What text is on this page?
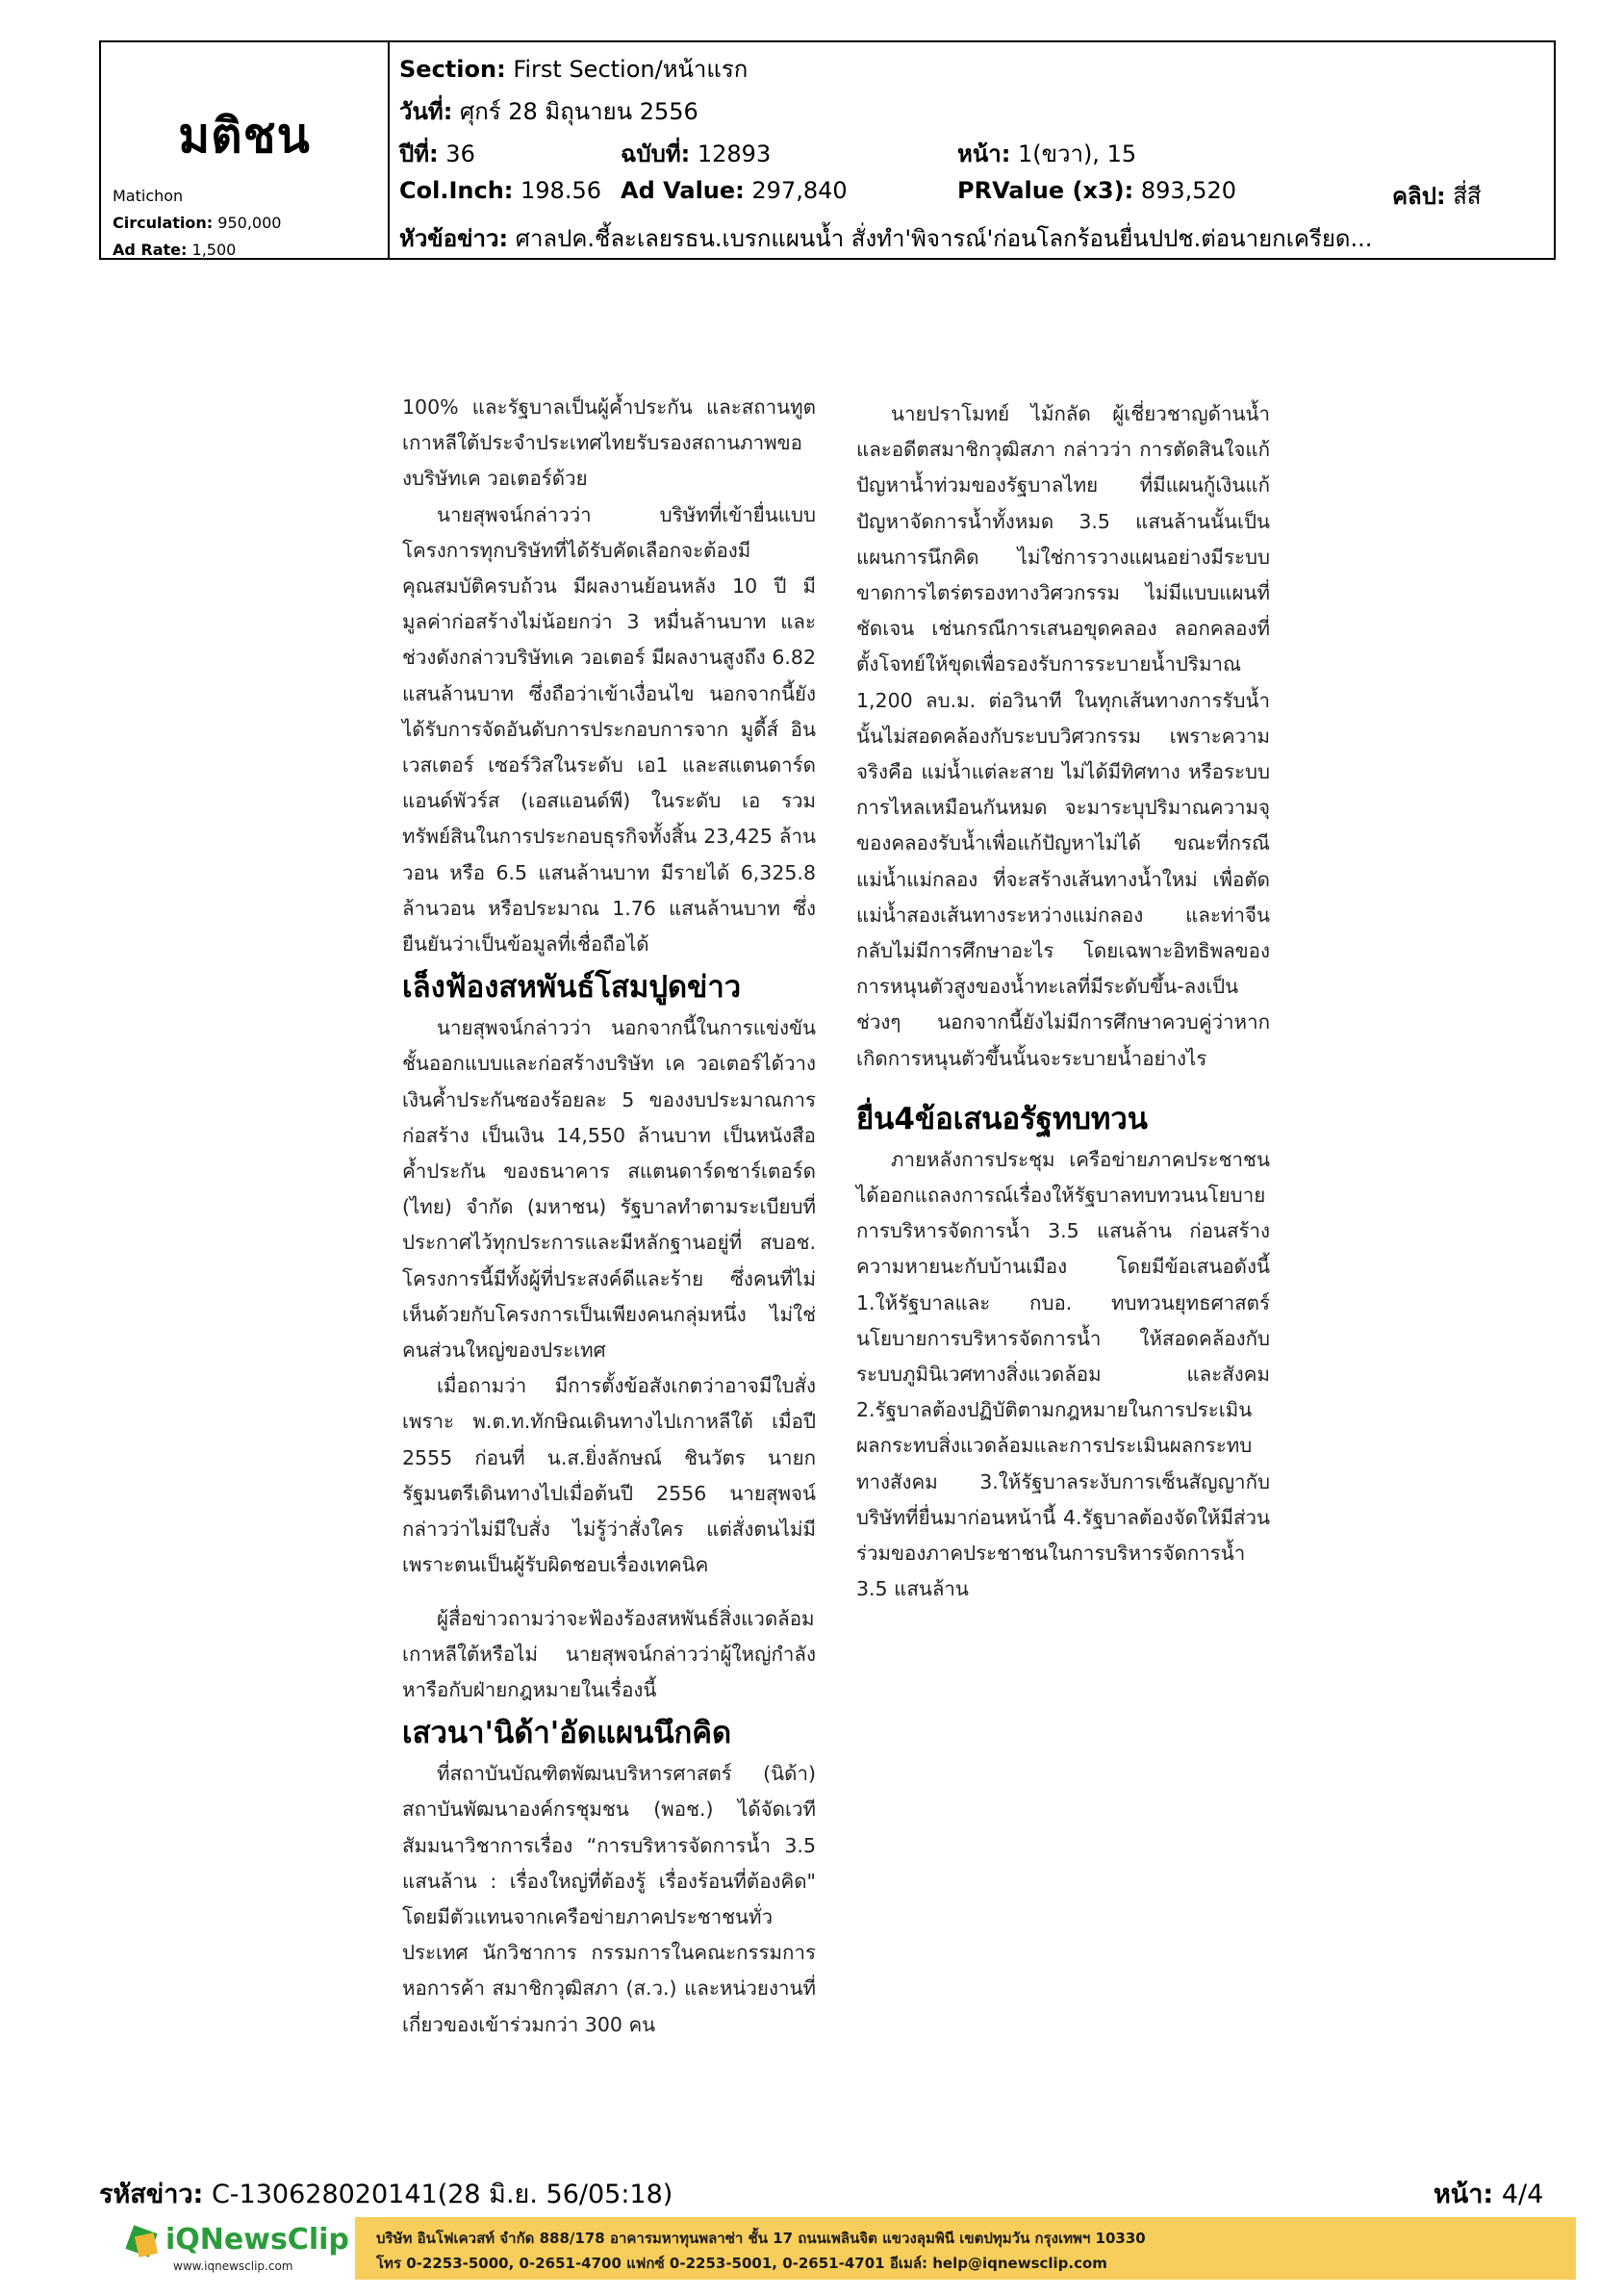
มติชน
Matichon
Circulation: 950,000
Ad Rate: 1,500
Section: First Section/หน้าแรก
วันที่: ศุกร์ 28 มิถุนายน 2556
ปีที่: 36	ฉบับที่: 12893	หน้า: 1(ขวา), 15
Col.Inch: 198.56 Ad Value: 297,840	PRValue (x3): 893,520	คลิป: สี่สี
หัวข้อข่าว: ศาลปค.ชี้ละเลยรธน.เบรกแผนน้ำ สั่งทำ'พิจารณ์'ก่อนโลกร้อนยื่นปปช.ต่อนายกเครียด...

100% และรัฐบาลเป็นผู้ค้ำประกัน และสถานทูตเกาหลีใต้ประจำประเทศไทยรับรองสถานภาพของบริษัทเค วอเตอร์ด้วย

นายสุพจน์กล่าวว่า บริษัทที่เข้ายื่นแบบโครงการทุกบริษัทที่ได้รับคัดเลือกจะต้องมีคุณสมบัติครบถ้วน มีผลงานย้อนหลัง 10 ปี มีมูลค่าก่อสร้างไม่น้อยกว่า 3 หมื่นล้านบาท และช่วงดังกล่าวบริษัทเค วอเตอร์ มีผลงานสูงถึง 6.82 แสนล้านบาท ซึ่งถือว่าเข้าเงื่อนไข นอกจากนี้ยังได้รับการจัดอันดับการประกอบการจาก มูดี้ส์ อินเวสเตอร์ เซอร์วิสในระดับ เอ1 และสแตนดาร์ด แอนด์พัวร์ส (เอสแอนด์พี) ในระดับ เอ รวมทรัพย์สินในการประกอบธุรกิจทั้งสิ้น 23,425 ล้านวอน หรือ 6.5 แสนล้านบาท มีรายได้ 6,325.8 ล้านวอน หรือประมาณ 1.76 แสนล้านบาท ซึ่งยืนยันว่าเป็นข้อมูลที่เชื่อถือได้

เล็งฟ้องสหพันธ์โสมปูดข่าว

นายสุพจน์กล่าวว่า นอกจากนี้ในการแข่งขันชั้นออกแบบและก่อสร้างบริษัท เค วอเตอร์ได้วางเงินค้ำประกันซองร้อยละ 5 ของงบประมาณการก่อสร้าง เป็นเงิน 14,550 ล้านบาท เป็นหนังสือค้ำประกัน ของธนาคาร สแตนดาร์ดชาร์เตอร์ด (ไทย) จำกัด (มหาชน) รัฐบาลทำตามระเบียบที่ประกาศไว้ทุกประการและมีหลักฐานอยู่ที่ สบอช. โครงการนี้มีทั้งผู้ที่ประสงค์ดีและร้าย ซึ่งคนที่ไม่เห็นด้วยกับโครงการเป็นเพียงคนกลุ่มหนึ่ง ไม่ใช่คนส่วนใหญ่ของประเทศ

เมื่อถามว่า มีการตั้งข้อสังเกตว่าอาจมีใบสั่งเพราะ พ.ต.ท.ทักษิณเดินทางไปเกาหลีใต้ เมื่อปี 2555 ก่อนที่ น.ส.ยิ่งลักษณ์ ชินวัตร นายกรัฐมนตรีเดินทางไปเมื่อต้นปี 2556 นายสุพจน์กล่าวว่าไม่มีใบสั่ง ไม่รู้ว่าสั่งใคร แต่สั่งตนไม่มี เพราะตนเป็นผู้รับผิดชอบเรื่องเทคนิค

ผู้สื่อข่าวถามว่าจะฟ้องร้องสหพันธ์สิ่งแวดล้อมเกาหลีใต้หรือไม่ นายสุพจน์กล่าวว่าผู้ใหญ่กำลังหารือกับฝ่ายกฎหมายในเรื่องนี้

เสวนา'นิด้า'อัดแผนนึกคิด

ที่สถาบันบัณฑิตพัฒนบริหารศาสตร์ (นิด้า) สถาบันพัฒนาองค์กรชุมชน (พอช.) ได้จัดเวทีสัมมนาวิชาการเรื่อง “การบริหารจัดการน้ำ 3.5 แสนล้าน : เรื่องใหญ่ที่ต้องรู้ เรื่องร้อนที่ต้องคิด" โดยมีตัวแทนจากเครือข่ายภาคประชาชนทั่วประเทศ นักวิชาการ กรรมการในคณะกรรมการหอการค้า สมาชิกวุฒิสภา (ส.ว.) และหน่วยงานที่เกี่ยวของเข้าร่วมกว่า 300 คน

นายปราโมทย์ ไม้กลัด ผู้เชี่ยวชาญด้านน้ำและอดีตสมาชิกวุฒิสภา กล่าวว่า การตัดสินใจแก้ปัญหาน้ำท่วมของรัฐบาลไทย ที่มีแผนกู้เงินแก้ปัญหาจัดการน้ำทั้งหมด 3.5 แสนล้านนั้นเป็นแผนการนึกคิด ไม่ใช่การวางแผนอย่างมีระบบ ขาดการไตร่ตรองทางวิศวกรรม ไม่มีแบบแผนที่ชัดเจน เช่นกรณีการเสนอขุดคลอง ลอกคลองที่ตั้งโจทย์ให้ขุดเพื่อรองรับการระบายน้ำปริมาณ 1,200 ลบ.ม. ต่อวินาที ในทุกเส้นทางการรับน้ำนั้นไม่สอดคล้องกับระบบวิศวกรรม เพราะความจริงคือ แม่น้ำแต่ละสาย ไม่ได้มีทิศทาง หรือระบบการไหลเหมือนกันหมด จะมาระบุปริมาณความจุของคลองรับน้ำเพื่อแก้ปัญหาไม่ได้ ขณะที่กรณีแม่น้ำแม่กลอง ที่จะสร้างเส้นทางน้ำใหม่ เพื่อตัดแม่น้ำสองเส้นทางระหว่างแม่กลอง และท่าจีน กลับไม่มีการศึกษาอะไร โดยเฉพาะอิทธิพลของการหนุนตัวสูงของน้ำทะเลที่มีระดับขึ้น-ลงเป็นช่วงๆ นอกจากนี้ยังไม่มีการศึกษาควบคู่ว่าหากเกิดการหนุนตัวขึ้นนั้นจะระบายน้ำอย่างไร

ยื่น4ข้อเสนอรัฐทบทวน

ภายหลังการประชุม เครือข่ายภาคประชาชนได้ออกแถลงการณ์เรื่องให้รัฐบาลทบทวนนโยบายการบริหารจัดการน้ำ 3.5 แสนล้าน ก่อนสร้างความหายนะกับบ้านเมือง โดยมีข้อเสนอดังนี้ 1.ให้รัฐบาลและ กบอ. ทบทวนยุทธศาสตร์นโยบายการบริหารจัดการน้ำ ให้สอดคล้องกับระบบภูมินิเวศทางสิ่งแวดล้อม และสังคม 2.รัฐบาลต้องปฏิบัติตามกฎหมายในการประเมินผลกระทบสิ่งแวดล้อมและการประเมินผลกระทบทางสังคม 3.ให้รัฐบาลระงับการเซ็นสัญญากับบริษัทที่ยื่นมาก่อนหน้านี้ 4.รัฐบาลต้องจัดให้มีส่วนร่วมของภาคประชาชนในการบริหารจัดการน้ำ 3.5 แสนล้าน

รหัสข่าว: C-130628020141(28 มิ.ย. 56/05:18)	หน้า: 4/4
iQNewsClip
www.iqnewsclip.com
บริษัท อินโฟเควสท์ จำกัด 888/178 อาคารมหาทุนพลาซ่า ชั้น 17 ถนนเพลินจิต แขวงลุมพินี เขตปทุมวัน กรุงเทพฯ 10330
โทร 0-2253-5000, 0-2651-4700 แฟกซ์ 0-2253-5001, 0-2651-4701 อีเมล์: help@iqnewsclip.com
